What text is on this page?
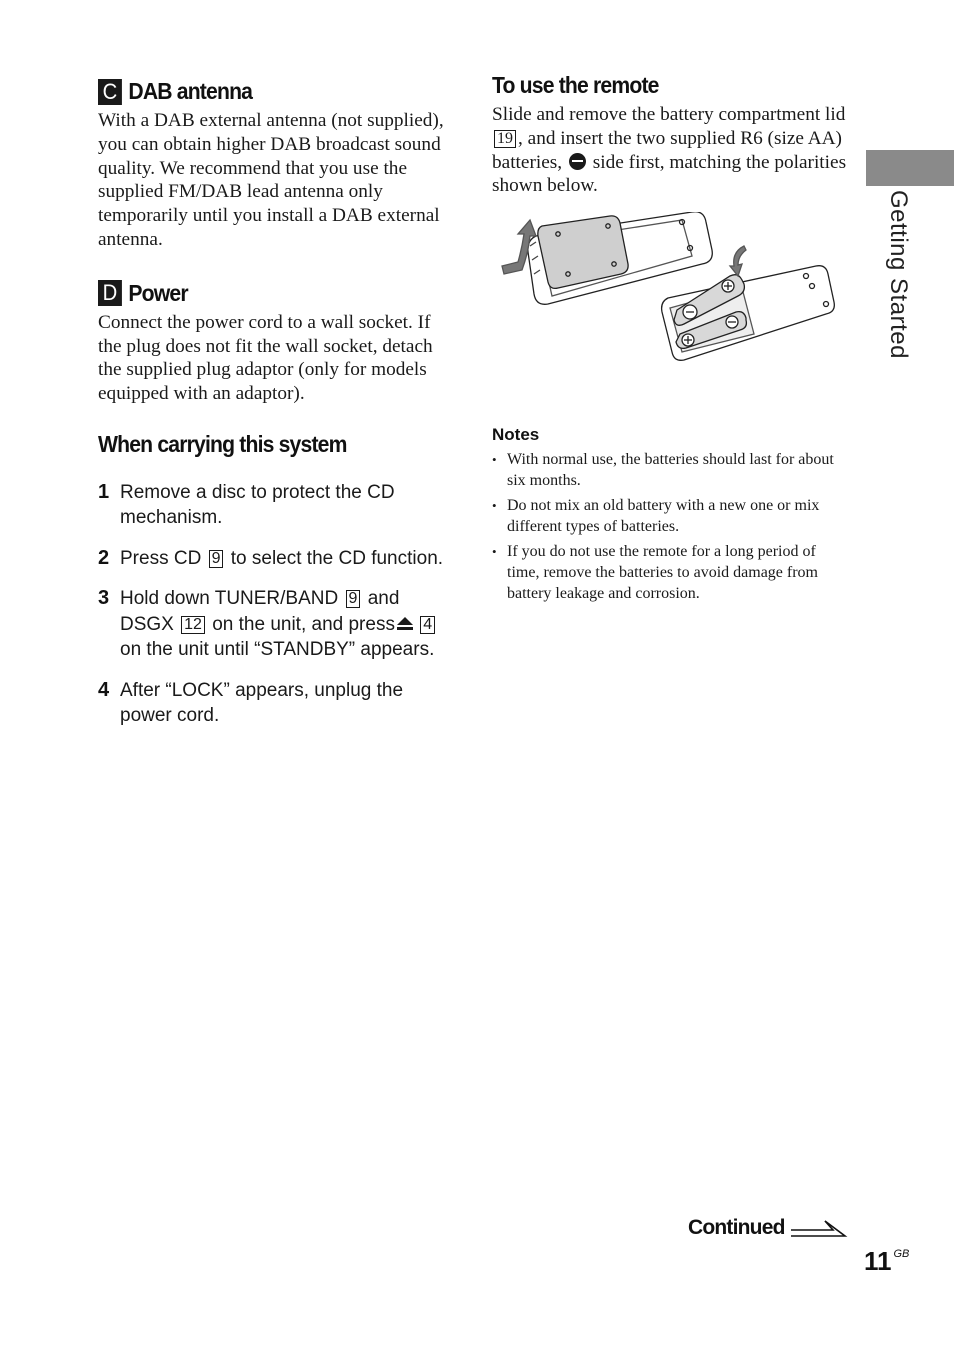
C DAB antenna

With a DAB external antenna (not supplied), you can obtain higher DAB broadcast sound quality. We recommend that you use the supplied FM/DAB lead antenna only temporarily until you install a DAB external antenna.

D Power

Connect the power cord to a wall socket. If the plug does not fit the wall socket, detach the supplied plug adaptor (only for models equipped with an adaptor).

When carrying this system
1 Remove a disc to protect the CD mechanism.
2 Press CD 9 to select the CD function.
3 Hold down TUNER/BAND 9 and DSGX 12 on the unit, and press 4 on the unit until “STANDBY” appears.
4 After “LOCK” appears, unplug the power cord.
To use the remote

Slide and remove the battery compartment lid 19 , and insert the two supplied R6 (size AA) batteries, side first, matching the polarities shown below.

Notes
• With normal use, the batteries should last for about six months.
• Do not mix an old battery with a new one or mix different types of batteries.
• If you do not use the remote for a long period of time, remove the batteries to avoid damage from battery leakage and corrosion.
Getting Started
Continued
11 $^{GB}$
